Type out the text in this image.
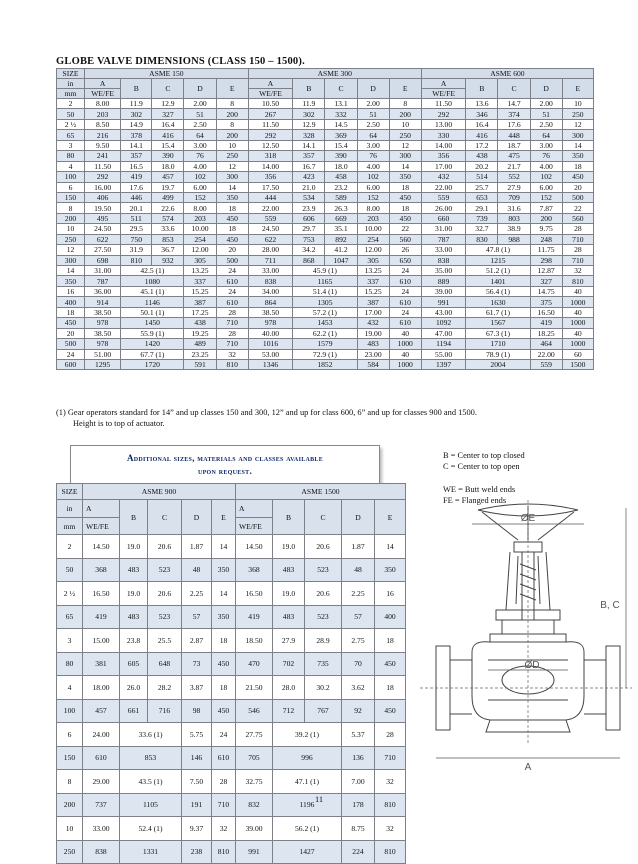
GLOBE VALVE DIMENSIONS (CLASS 150 – 1500).
SIZE	ASME 150					ASME 300					ASME 600				
in	A	B	C	D	E	A	B	C	D	E	A	B	C	D	E
mm	WE/FE					WE/FE					WE/FE				
2	8.00	11.9	12.9	2.00	8	10.50	11.9	13.1	2.00	8	11.50	13.6	14.7	2.00	10
50	203	302	327	51	200	267	302	332	51	200	292	346	374	51	250
2 ½	8.50	14.9	16.4	2.50	8	11.50	12.9	14.5	2.50	10	13.00	16.4	17.6	2.50	12
65	216	378	416	64	200	292	328	369	64	250	330	416	448	64	300
3	9.50	14.1	15.4	3.00	10	12.50	14.1	15.4	3.00	12	14.00	17.2	18.7	3.00	14
80	241	357	390	76	250	318	357	390	76	300	356	438	475	76	350
4	11.50	16.5	18.0	4.00	12	14.00	16.7	18.0	4.00	14	17.00	20.2	21.7	4.00	18
100	292	419	457	102	300	356	423	458	102	350	432	514	552	102	450
6	16.00	17.6	19.7	6.00	14	17.50	21.0	23.2	6.00	18	22.00	25.7	27.9	6.00	20
150	406	446	499	152	350	444	534	589	152	450	559	653	709	152	500
8	19.50	20.1	22.6	8.00	18	22.00	23.9	26.3	8.00	18	26.00	29.1	31.6	7.87	22
200	495	511	574	203	450	559	606	669	203	450	660	739	803	200	560
10	24.50	29.5	33.6	10.00	18	24.50	29.7	35.1	10.00	22	31.00	32.7	38.9	9.75	28
250	622	750	853	254	450	622	753	892	254	560	787	830	988	248	710
12	27.50	31.9	36.7	12.00	20	28.00	34.2	41.2	12.00	26	33.00	47.8 (1)		11.75	28
300	698	810	932	305	500	711	868	1047	305	650	838	1215		298	710
14	31.00	42.5 (1)		13.25	24	33.00	45.9 (1)		13.25	24	35.00	51.2 (1)		12.87	32
350	787	1080		337	610	838	1165		337	610	889	1401		327	810
16	36.00	45.1 (1)		15.25	24	34.00	51.4 (1)		15.25	24	39.00	56.4 (1)		14.75	40
400	914	1146		387	610	864	1305		387	610	991	1630		375	1000
18	38.50	50.1 (1)		17.25	28	38.50	57.2 (1)		17.00	24	43.00	61.7 (1)		16.50	40
450	978	1450		438	710	978	1453		432	610	1092	1567		419	1000
20	38.50	55.9 (1)		19.25	28	40.00	62.2 (1)		19.00	40	47.00	67.3 (1)		18.25	40
500	978	1420		489	710	1016	1579		483	1000	1194	1710		464	1000
24	51.00	67.7 (1)		23.25	32	53.00	72.9 (1)		23.00	40	55.00	78.9 (1)		22.00	60
600	1295	1720		591	810	1346	1852		584	1000	1397	2004		559	1500
(1) Gear operators standard for 14” and up classes 150 and 300, 12” and up for class 600, 6” and up for classes 900 and 1500.
Height is to top of actuator.
Additional sizes, materials and classes available
upon request.
B = Center to top closed
C = Center to top open
WE = Butt weld ends
FE = Flanged ends
SIZE	ASME 900					ASME 1500				
in	A	B	C	D	E	A	B	C	D	E
mm	WE/FE					WE/FE				
2	14.50	19.0	20.6	1.87	14	14.50	19.0	20.6	1.87	14
50	368	483	523	48	350	368	483	523	48	350
2 ½	16.50	19.0	20.6	2.25	14	16.50	19.0	20.6	2.25	16
65	419	483	523	57	350	419	483	523	57	400
3	15.00	23.8	25.5	2.87	18	18.50	27.9	28.9	2.75	18
80	381	605	648	73	450	470	702	735	70	450
4	18.00	26.0	28.2	3.87	18	21.50	28.0	30.2	3.62	18
100	457	661	716	98	450	546	712	767	92	450
6	24.00	33.6 (1)		5.75	24	27.75	39.2 (1)		5.37	28
150	610	853		146	610	705	996		136	710
8	29.00	43.5 (1)		7.50	28	32.75	47.1 (1)		7.00	32
200	737	1105		191	710	832	1196		178	810
10	33.00	52.4 (1)		9.37	32	39.00	56.2 (1)		8.75	32
250	838	1331		238	810	991	1427		224	810
ØE
ØD
A
B, C
11
